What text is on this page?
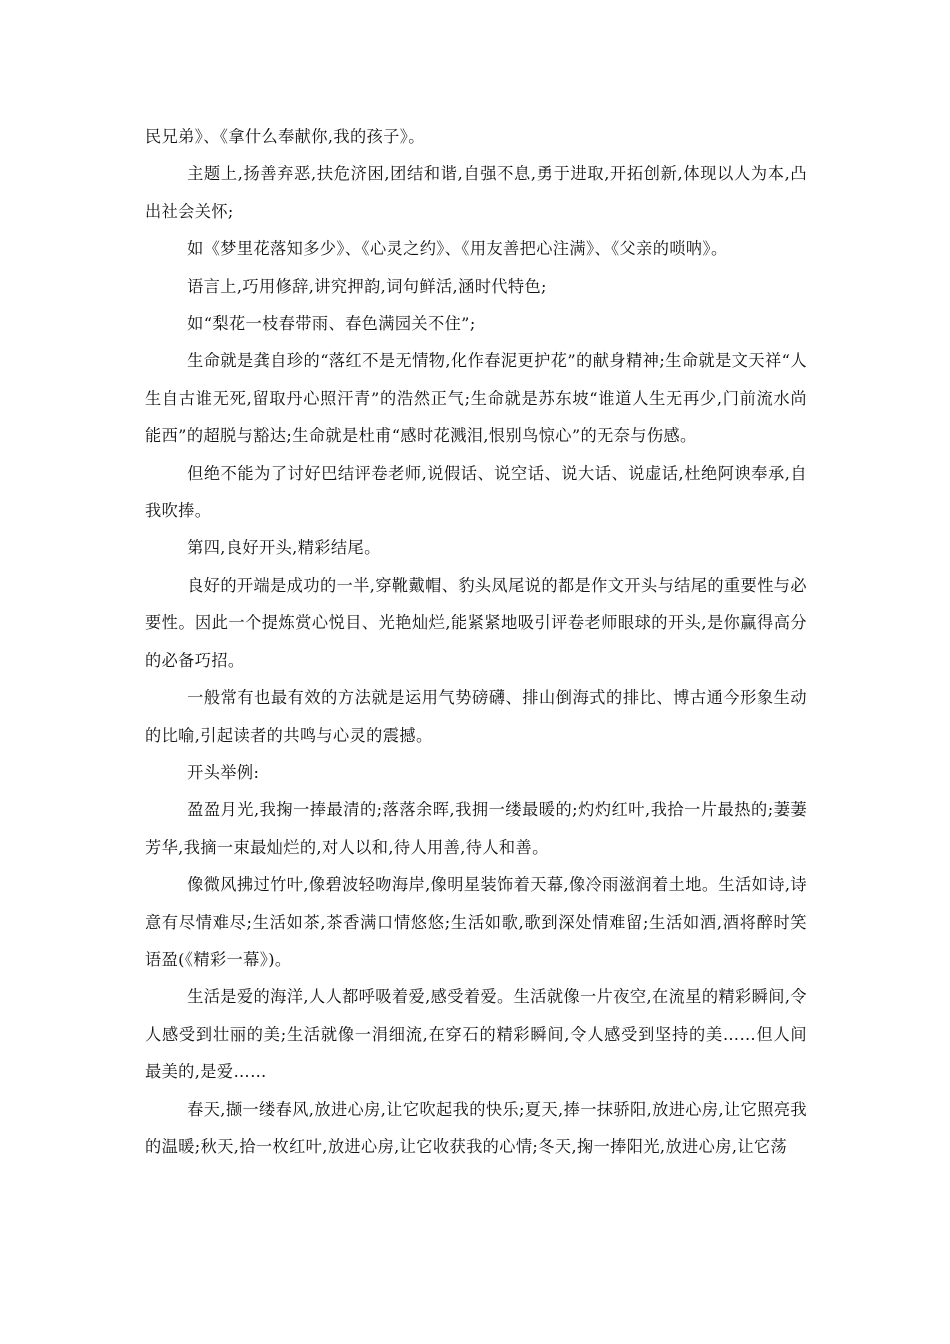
民兄弟》、《拿什么奉献你,我的孩子》。

主题上,扬善弃恶,扶危济困,团结和谐,自强不息,勇于进取,开拓创新,体现以人为本,凸出社会关怀;

如《梦里花落知多少》、《心灵之约》、《用友善把心注满》、《父亲的唢呐》。

语言上,巧用修辞,讲究押韵,词句鲜活,涵时代特色;

如“梨花一枝春带雨、春色满园关不住”;

生命就是龚自珍的“落红不是无情物,化作春泥更护花”的献身精神;生命就是文天祥“人生自古谁无死,留取丹心照汗青”的浩然正气;生命就是苏东坡“谁道人生无再少,门前流水尚能西”的超脱与豁达;生命就是杜甫“感时花溅泪,恨别鸟惊心”的无奈与伤感。

但绝不能为了讨好巴结评卷老师,说假话、说空话、说大话、说虚话,杜绝阿谀奉承,自我吹捧。

第四,良好开头,精彩结尾。

良好的开端是成功的一半,穿靴戴帽、豹头凤尾说的都是作文开头与结尾的重要性与必要性。因此一个提炼赏心悦目、光艳灿烂,能紧紧地吸引评卷老师眼球的开头,是你赢得高分的必备巧招。

一般常有也最有效的方法就是运用气势磅礴、排山倒海式的排比、博古通今形象生动的比喻,引起读者的共鸣与心灵的震撼。

开头举例:

盈盈月光,我掬一捧最清的;落落余晖,我拥一缕最暖的;灼灼红叶,我拾一片最热的;萋萋芳华,我摘一束最灿烂的,对人以和,待人用善,待人和善。

像微风拂过竹叶,像碧波轻吻海岸,像明星装饰着天幕,像冷雨滋润着土地。生活如诗,诗意有尽情难尽;生活如茶,茶香满口情悠悠;生活如歌,歌到深处情难留;生活如酒,酒将醉时笑语盈(《精彩一幕》)。

生活是爱的海洋,人人都呼吸着爱,感受着爱。生活就像一片夜空,在流星的精彩瞬间,令人感受到壮丽的美;生活就像一涓细流,在穿石的精彩瞬间,令人感受到坚持的美……但人间最美的,是爱……

春天,撷一缕春风,放进心房,让它吹起我的快乐;夏天,捧一抹骄阳,放进心房,让它照亮我的温暖;秋天,拾一枚红叶,放进心房,让它收获我的心情;冬天,掬一捧阳光,放进心房,让它荡
